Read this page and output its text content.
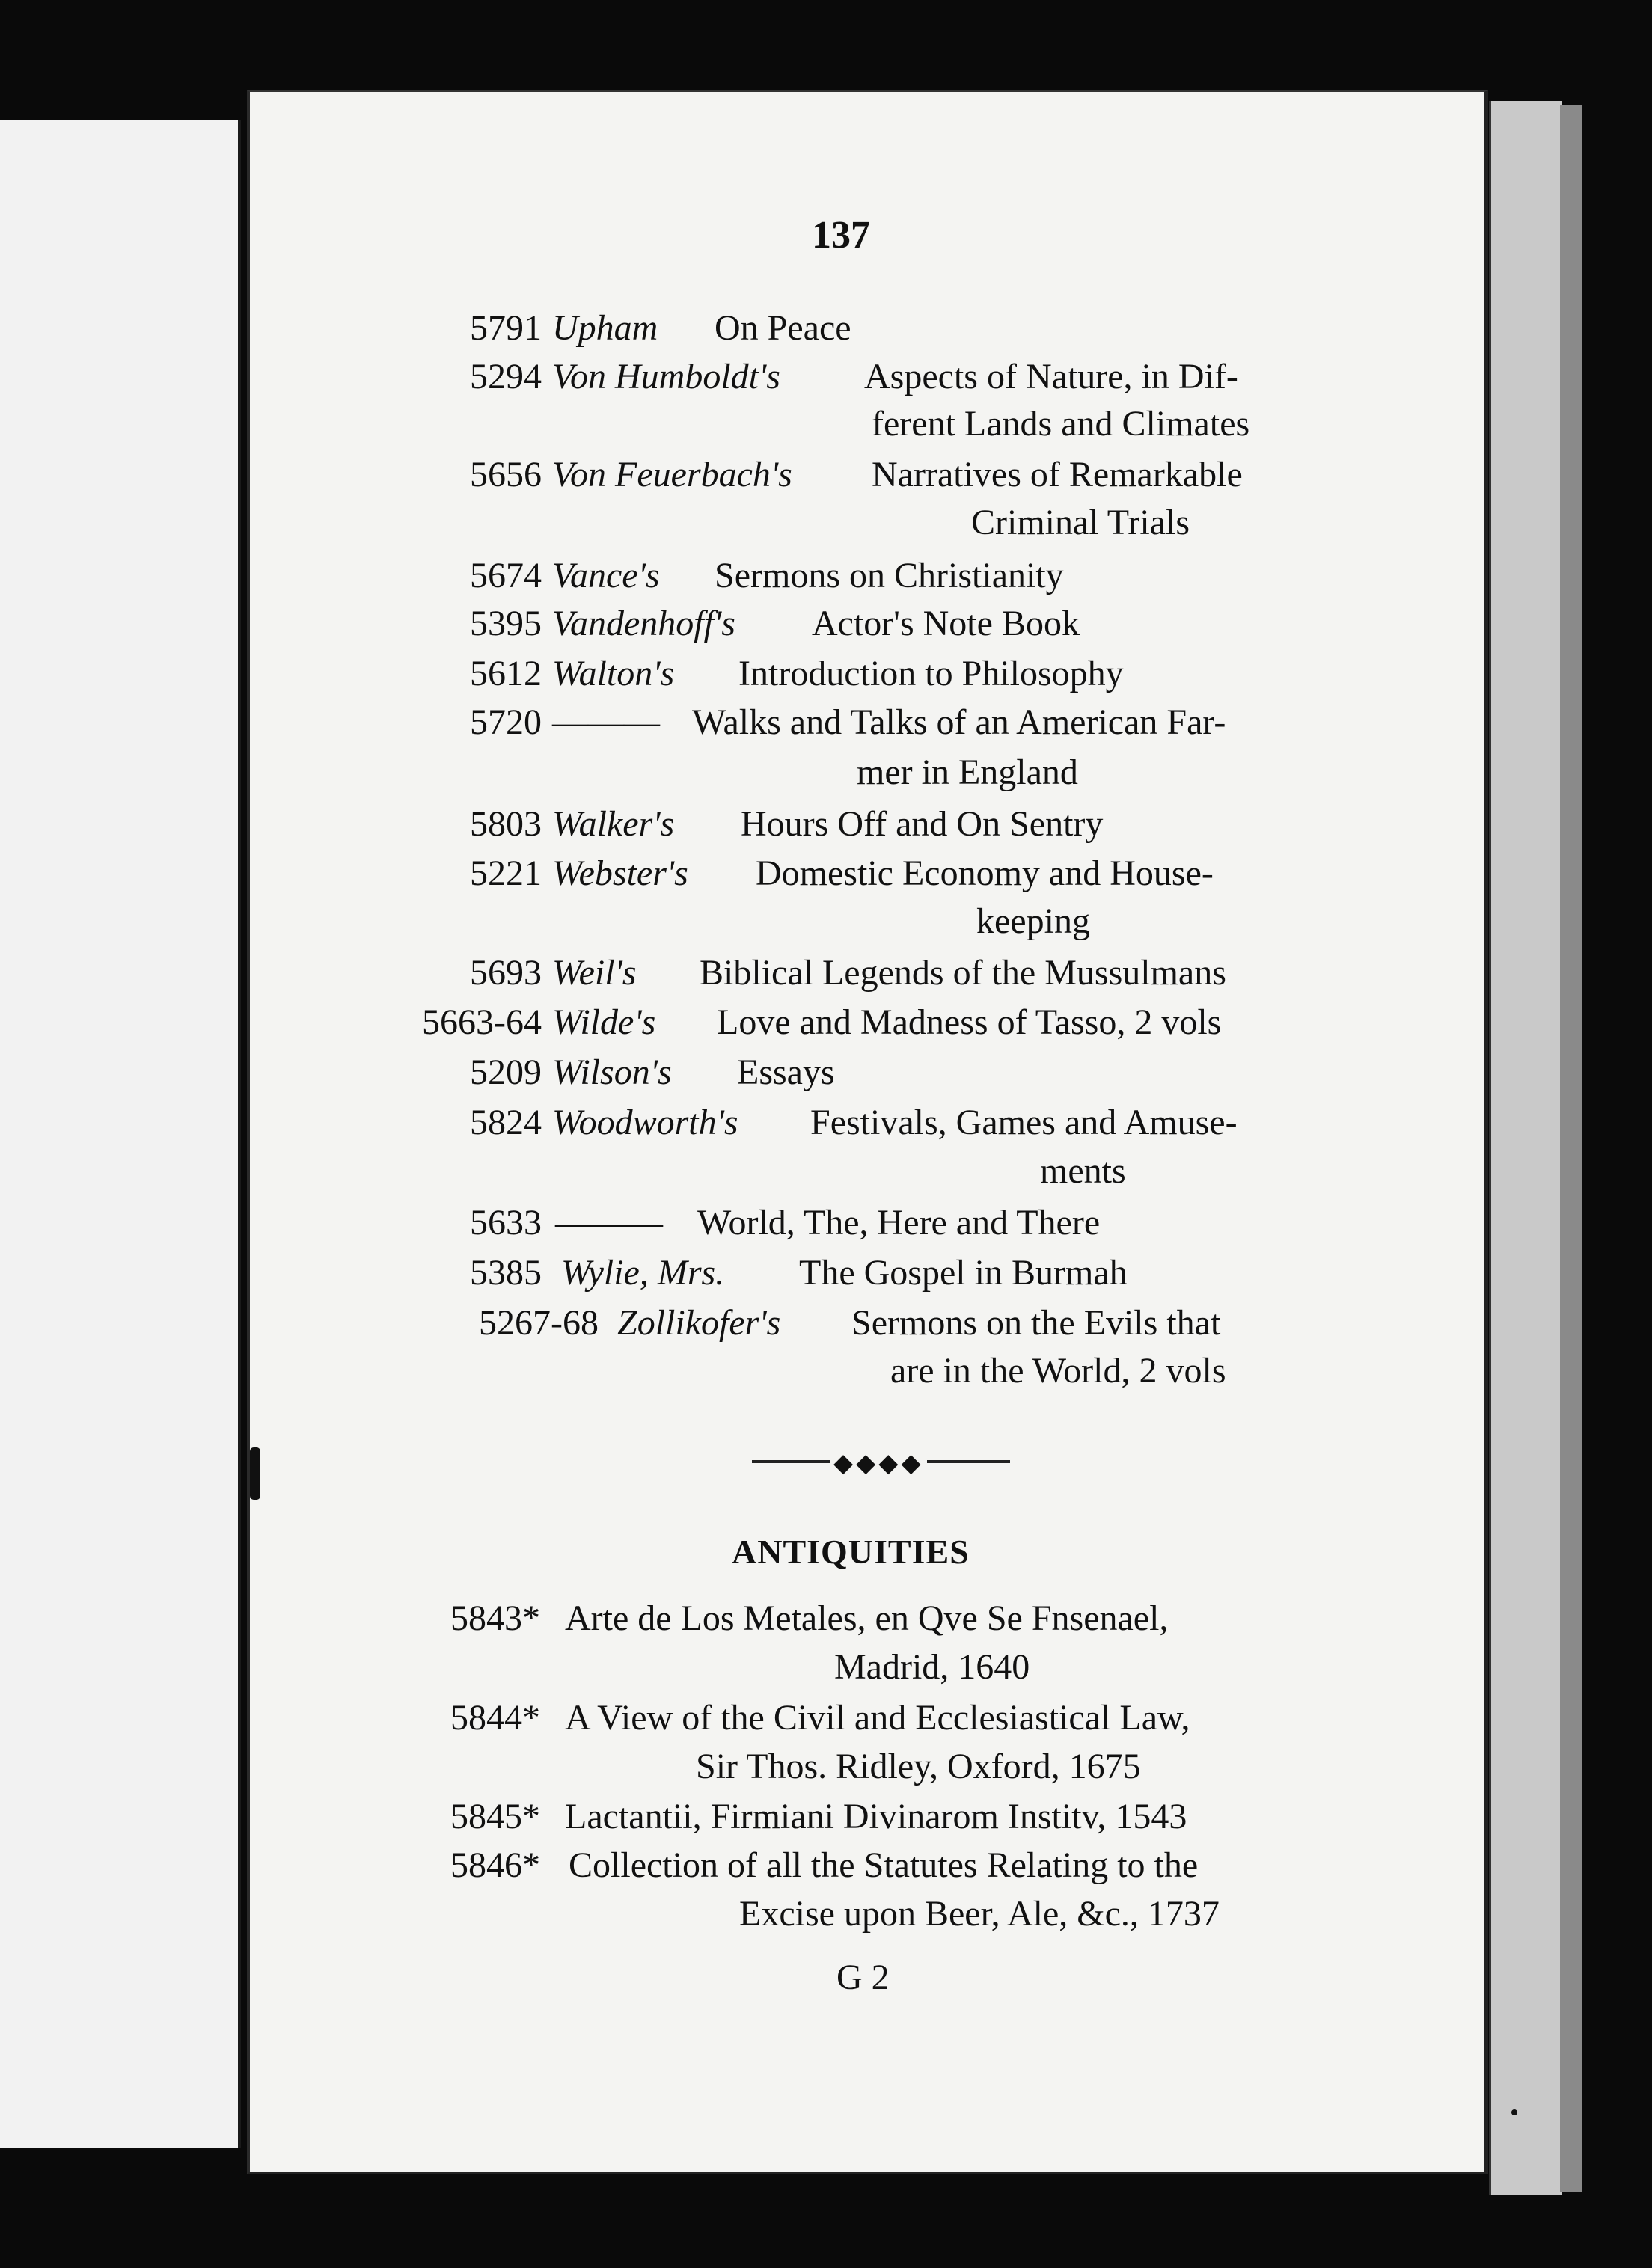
137
5791 Upham On Peace
5294 Von Humboldt's Aspects of Nature, in Dif-
ferent Lands and Climates
5656 Von Feuerbach's Narratives of Remarkable
Criminal Trials
5674 Vance's Sermons on Christianity
5395 Vandenhoff's Actor's Note Book
5612 Walton's Introduction to Philosophy
5720 ——— Walks and Talks of an American Far-
mer in England
5803 Walker's Hours Off and On Sentry
5221 Webster's Domestic Economy and House-
keeping
5693 Weil's Biblical Legends of the Mussulmans
5663-64 Wilde's Love and Madness of Tasso, 2 vols
5209 Wilson's Essays
5824 Woodworth's Festivals, Games and Amuse-
ments
5633 ——— World, The, Here and There
5385 Wylie, Mrs. The Gospel in Burmah
5267-68 Zollikofer's Sermons on the Evils that
are in the World, 2 vols
◆◆◆◆
ANTIQUITIES
5843* Arte de Los Metales, en Qve Se Fnsenael,
Madrid, 1640
5844* A View of the Civil and Ecclesiastical Law,
Sir Thos. Ridley, Oxford, 1675
5845* Lactantii, Firmiani Divinarom Institv, 1543
5846* Collection of all the Statutes Relating to the
Excise upon Beer, Ale, &c., 1737
G 2
